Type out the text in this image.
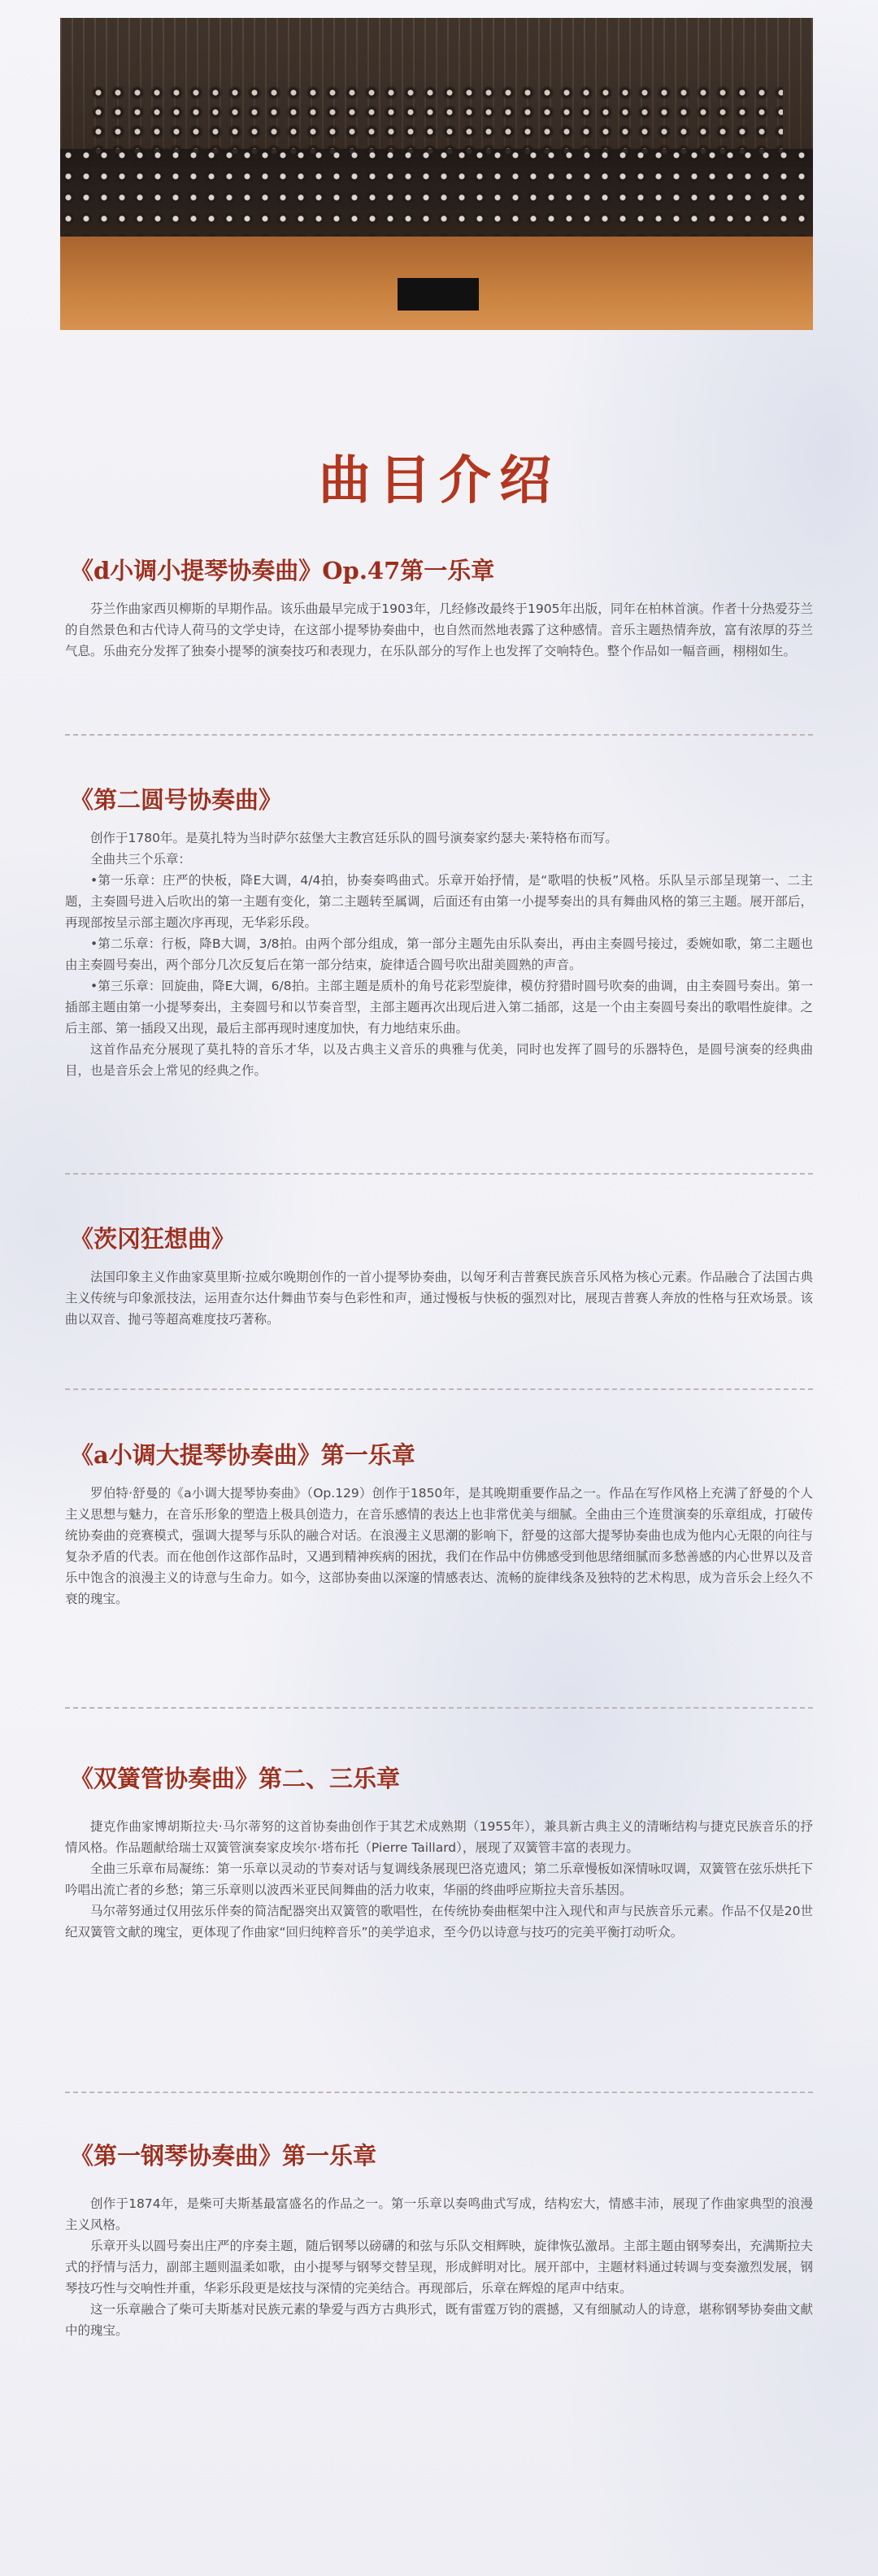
曲目介绍
《d小调小提琴协奏曲》Op.47第一乐章

芬兰作曲家西贝柳斯的早期作品。该乐曲最早完成于1903年，几经修改最终于1905年出版，同年在柏林首演。作者十分热爱芬兰的自然景色和古代诗人荷马的文学史诗，在这部小提琴协奏曲中，也自然而然地表露了这种感情。音乐主题热情奔放，富有浓厚的芬兰气息。乐曲充分发挥了独奏小提琴的演奏技巧和表现力，在乐队部分的写作上也发挥了交响特色。整个作品如一幅音画，栩栩如生。

《第二圆号协奏曲》

创作于1780年。是莫扎特为当时萨尔兹堡大主教宫廷乐队的圆号演奏家约瑟夫·莱特格布而写。

全曲共三个乐章：

•第一乐章：庄严的快板，降E大调，4/4拍，协奏奏鸣曲式。乐章开始抒情，是“歌唱的快板”风格。乐队呈示部呈现第一、二主题，主奏圆号进入后吹出的第一主题有变化，第二主题转至属调，后面还有由第一小提琴奏出的具有舞曲风格的第三主题。展开部后，再现部按呈示部主题次序再现，无华彩乐段。

•第二乐章：行板，降B大调，3/8拍。由两个部分组成，第一部分主题先由乐队奏出，再由主奏圆号接过，委婉如歌，第二主题也由主奏圆号奏出，两个部分几次反复后在第一部分结束，旋律适合圆号吹出甜美圆熟的声音。

•第三乐章：回旋曲，降E大调，6/8拍。主部主题是质朴的角号花彩型旋律，模仿狩猎时圆号吹奏的曲调，由主奏圆号奏出。第一插部主题由第一小提琴奏出，主奏圆号和以节奏音型，主部主题再次出现后进入第二插部，这是一个由主奏圆号奏出的歌唱性旋律。之后主部、第一插段又出现，最后主部再现时速度加快，有力地结束乐曲。

这首作品充分展现了莫扎特的音乐才华，以及古典主义音乐的典雅与优美，同时也发挥了圆号的乐器特色，是圆号演奏的经典曲目，也是音乐会上常见的经典之作。

《茨冈狂想曲》

法国印象主义作曲家莫里斯·拉威尔晚期创作的一首小提琴协奏曲，以匈牙利吉普赛民族音乐风格为核心元素。作品融合了法国古典主义传统与印象派技法，运用查尔达什舞曲节奏与色彩性和声，通过慢板与快板的强烈对比，展现吉普赛人奔放的性格与狂欢场景。该曲以双音、抛弓等超高难度技巧著称。

《a小调大提琴协奏曲》第一乐章

罗伯特·舒曼的《a小调大提琴协奏曲》（Op.129）创作于1850年，是其晚期重要作品之一。作品在写作风格上充满了舒曼的个人主义思想与魅力，在音乐形象的塑造上极具创造力，在音乐感情的表达上也非常优美与细腻。全曲由三个连贯演奏的乐章组成，打破传统协奏曲的竞赛模式，强调大提琴与乐队的融合对话。在浪漫主义思潮的影响下，舒曼的这部大提琴协奏曲也成为他内心无限的向往与复杂矛盾的代表。而在他创作这部作品时，又遇到精神疾病的困扰，我们在作品中仿佛感受到他思绪细腻而多愁善感的内心世界以及音乐中饱含的浪漫主义的诗意与生命力。如今，这部协奏曲以深邃的情感表达、流畅的旋律线条及独特的艺术构思，成为音乐会上经久不衰的瑰宝。

《双簧管协奏曲》第二、三乐章

捷克作曲家博胡斯拉夫·马尔蒂努的这首协奏曲创作于其艺术成熟期（1955年），兼具新古典主义的清晰结构与捷克民族音乐的抒情风格。作品题献给瑞士双簧管演奏家皮埃尔·塔布托（Pierre Taillard），展现了双簧管丰富的表现力。

全曲三乐章布局凝练：第一乐章以灵动的节奏对话与复调线条展现巴洛克遗风；第二乐章慢板如深情咏叹调，双簧管在弦乐烘托下吟唱出流亡者的乡愁；第三乐章则以波西米亚民间舞曲的活力收束，华丽的终曲呼应斯拉夫音乐基因。

马尔蒂努通过仅用弦乐伴奏的简洁配器突出双簧管的歌唱性，在传统协奏曲框架中注入现代和声与民族音乐元素。作品不仅是20世纪双簧管文献的瑰宝，更体现了作曲家“回归纯粹音乐”的美学追求，至今仍以诗意与技巧的完美平衡打动听众。

《第一钢琴协奏曲》第一乐章

创作于1874年，是柴可夫斯基最富盛名的作品之一。第一乐章以奏鸣曲式写成，结构宏大，情感丰沛，展现了作曲家典型的浪漫主义风格。

乐章开头以圆号奏出庄严的序奏主题，随后钢琴以磅礴的和弦与乐队交相辉映，旋律恢弘激昂。主部主题由钢琴奏出，充满斯拉夫式的抒情与活力，副部主题则温柔如歌，由小提琴与钢琴交替呈现，形成鲜明对比。展开部中，主题材料通过转调与变奏激烈发展，钢琴技巧性与交响性并重，华彩乐段更是炫技与深情的完美结合。再现部后，乐章在辉煌的尾声中结束。

这一乐章融合了柴可夫斯基对民族元素的挚爱与西方古典形式，既有雷霆万钧的震撼，又有细腻动人的诗意，堪称钢琴协奏曲文献中的瑰宝。
